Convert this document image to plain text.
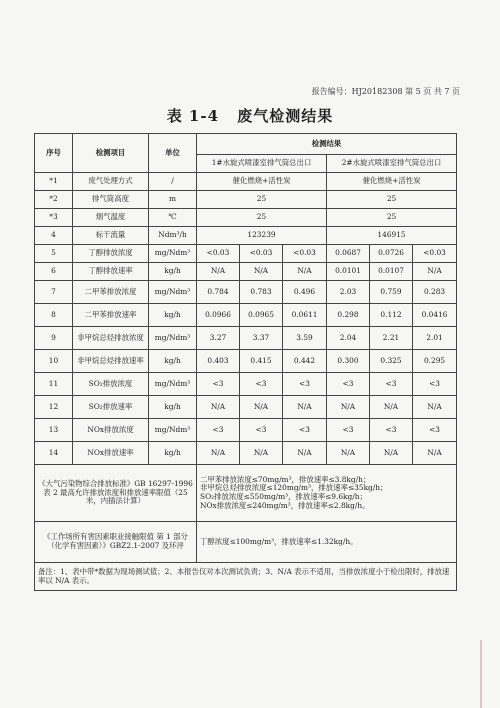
报告编号：HJ20182308 第 5 页 共 7 页
表 1-4 废气检测结果
序号	检测项目	单位	检测结果					
			1#水旋式喷漆室排气筒总出口			2#水旋式喷漆室排气筒总出口		
*1	废气处理方式	/	催化燃烧+活性炭			催化燃烧+活性炭		
*2	排气筒高度	m	25			25		
*3	烟气温度	℃	25			25		
4	标干流量	Ndm³/h	123239			146915		
5	丁醇排放浓度	mg/Ndm³	<0.03	<0.03	<0.03	0.0687	0.0726	<0.03
6	丁醇排放速率	kg/h	N/A	N/A	N/A	0.0101	0.0107	N/A
7	二甲苯排放浓度	mg/Ndm³	0.784	0.783	0.496	2.03	0.759	0.283
8	二甲苯排放速率	kg/h	0.0966	0.0965	0.0611	0.298	0.112	0.0416
9	非甲烷总烃排放浓度	mg/Ndm³	3.27	3.37	3.59	2.04	2.21	2.01
10	非甲烷总烃排放速率	kg/h	0.403	0.415	0.442	0.300	0.325	0.295
11	SO₂排放浓度	mg/Ndm³	<3	<3	<3	<3	<3	<3
12	SO₂排放速率	kg/h	N/A	N/A	N/A	N/A	N/A	N/A
13	NOx排放浓度	mg/Ndm³	<3	<3	<3	<3	<3	<3
14	NOx排放速率	kg/h	N/A	N/A	N/A	N/A	N/A	N/A
《大气污染物综合排放标准》GB 16297-1996 表 2 最高允许排放浓度和排放速率限值（25 米，内插法计算）			二甲苯排放浓度≤70mg/m³，排放速率≤3.8kg/h；
非甲烷总烃排放浓度≤120mg/m³，排放速率≤35kg/h；
SO₂排放浓度≤550mg/m³，排放速率≤9.6kg/h；
NOx排放浓度≤240mg/m³，排放速率≤2.8kg/h。					

《工作场所有害因素职业接触限值 第 1 部分（化学有害因素）》GBZ2.1-2007 及环评			丁醇浓度≤100mg/m³，排放速率≤1.32kg/h。					

备注：1、表中带*数据为现场测试值；2、本报告仅对本次测试负责；3、N/A 表示不适用，当排放浓度小于检出限时，排放速率以 N/A 表示。								
